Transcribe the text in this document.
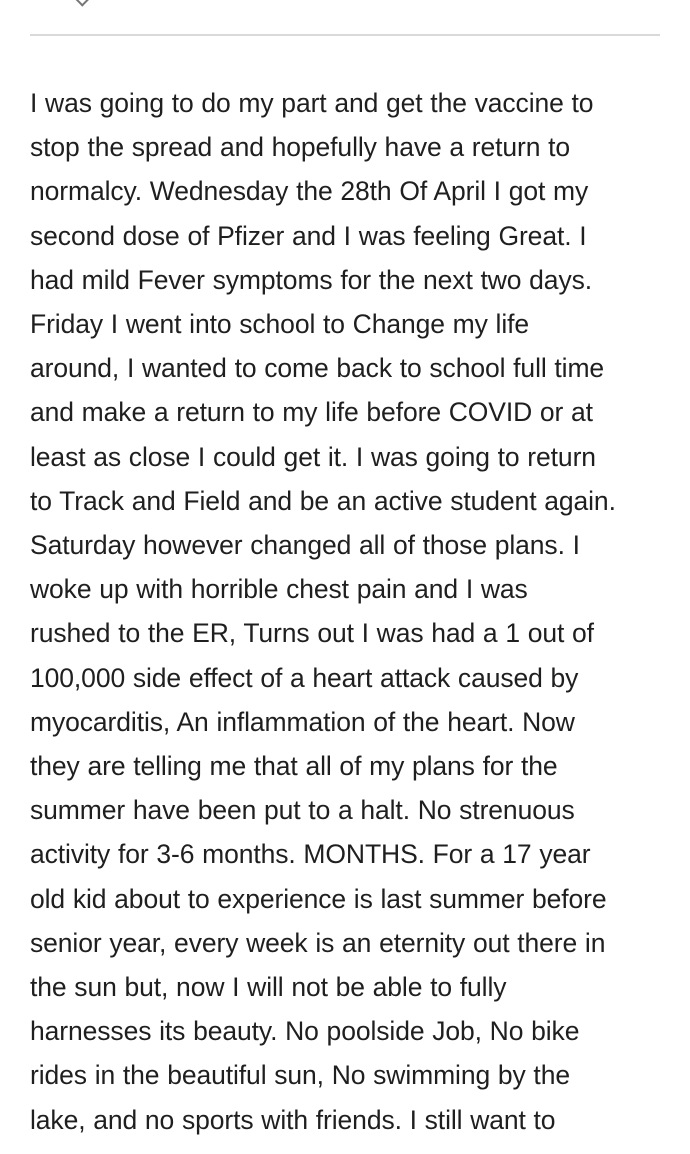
I was going to do my part and get the vaccine to
stop the spread and hopefully have a return to
normalcy. Wednesday the 28th Of April I got my
second dose of Pfizer and I was feeling Great. I
had mild Fever symptoms for the next two days.
Friday I went into school to Change my life
around, I wanted to come back to school full time
and make a return to my life before COVID or at
least as close I could get it. I was going to return
to Track and Field and be an active student again.
Saturday however changed all of those plans. I
woke up with horrible chest pain and I was
rushed to the ER, Turns out I was had a 1 out of
100,000 side effect of a heart attack caused by
myocarditis, An inflammation of the heart. Now
they are telling me that all of my plans for the
summer have been put to a halt. No strenuous
activity for 3-6 months. MONTHS. For a 17 year
old kid about to experience is last summer before
senior year, every week is an eternity out there in
the sun but, now I will not be able to fully
harnesses its beauty. No poolside Job, No bike
rides in the beautiful sun, No swimming by the
lake, and no sports with friends. I still want to
